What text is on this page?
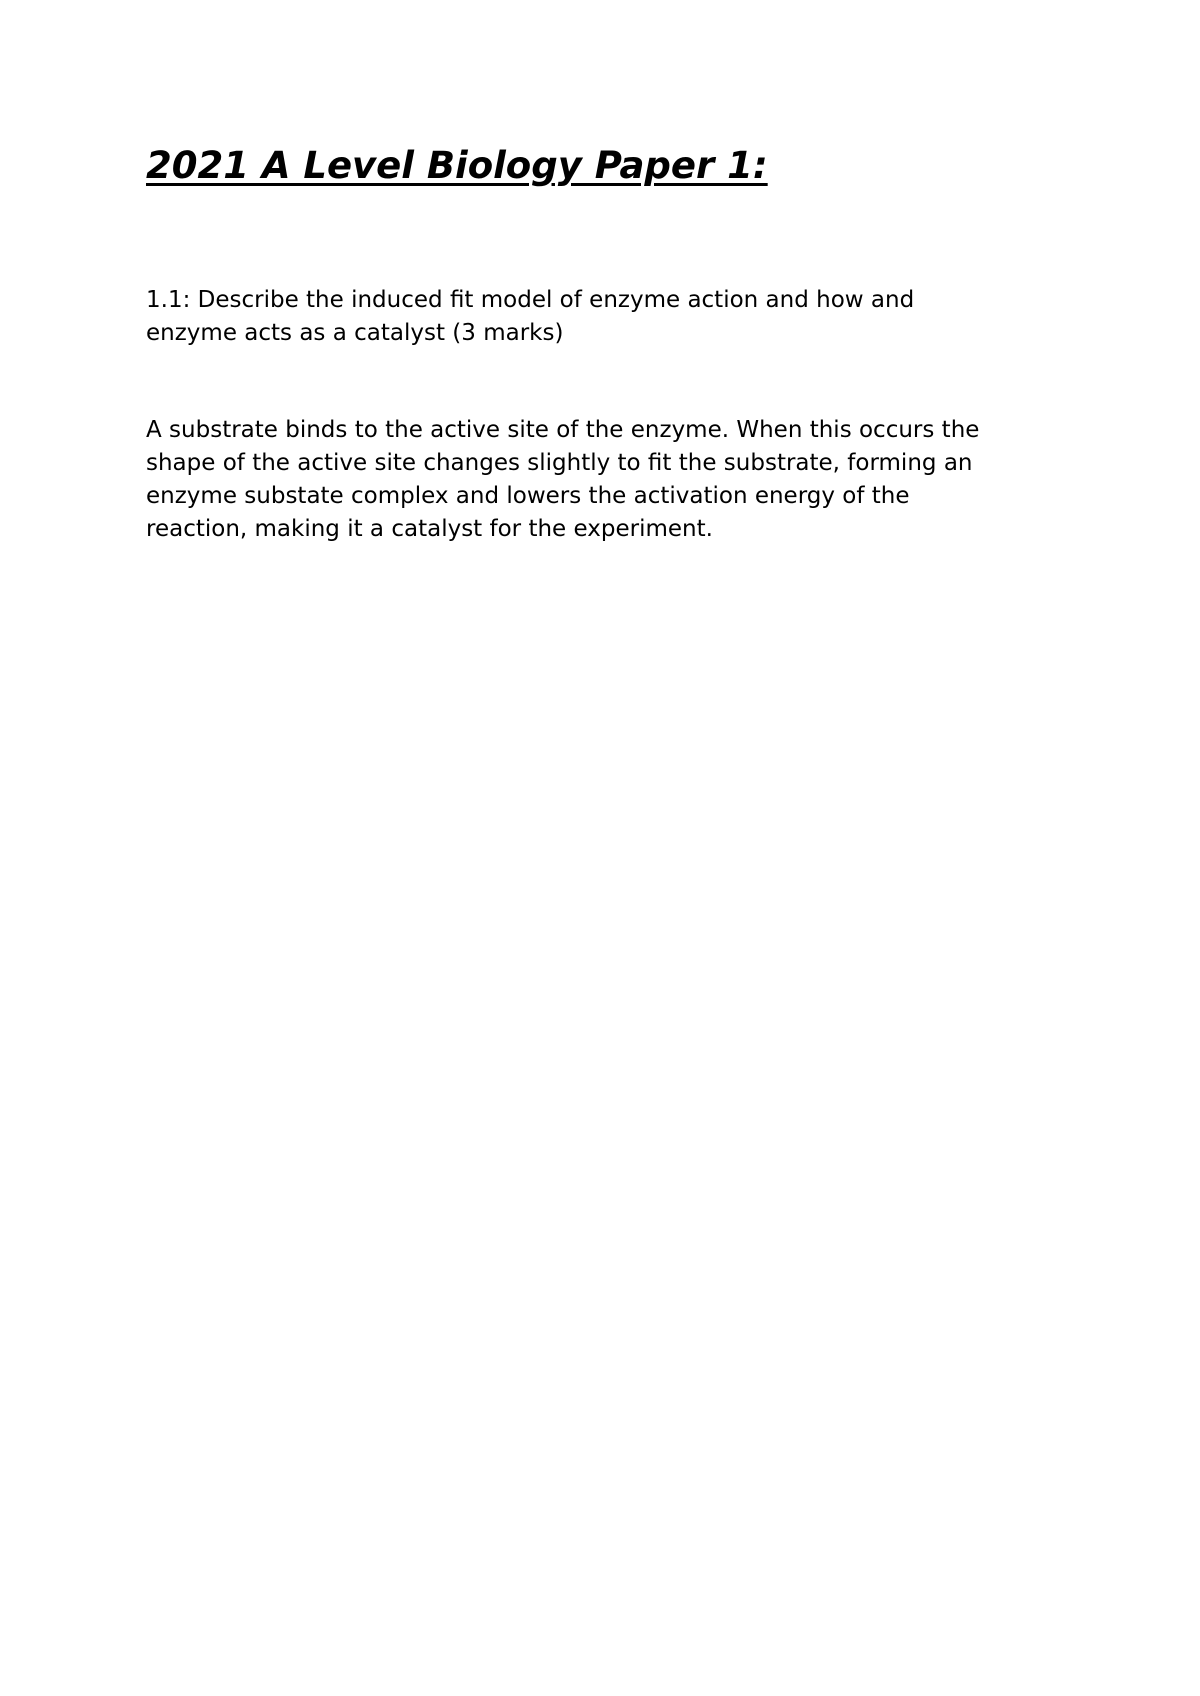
2021 A Level Biology Paper 1:

1.1: Describe the induced fit model of enzyme action and how and
enzyme acts as a catalyst (3 marks)

A substrate binds to the active site of the enzyme. When this occurs the
shape of the active site changes slightly to fit the substrate, forming an
enzyme substate complex and lowers the activation energy of the
reaction, making it a catalyst for the experiment.
